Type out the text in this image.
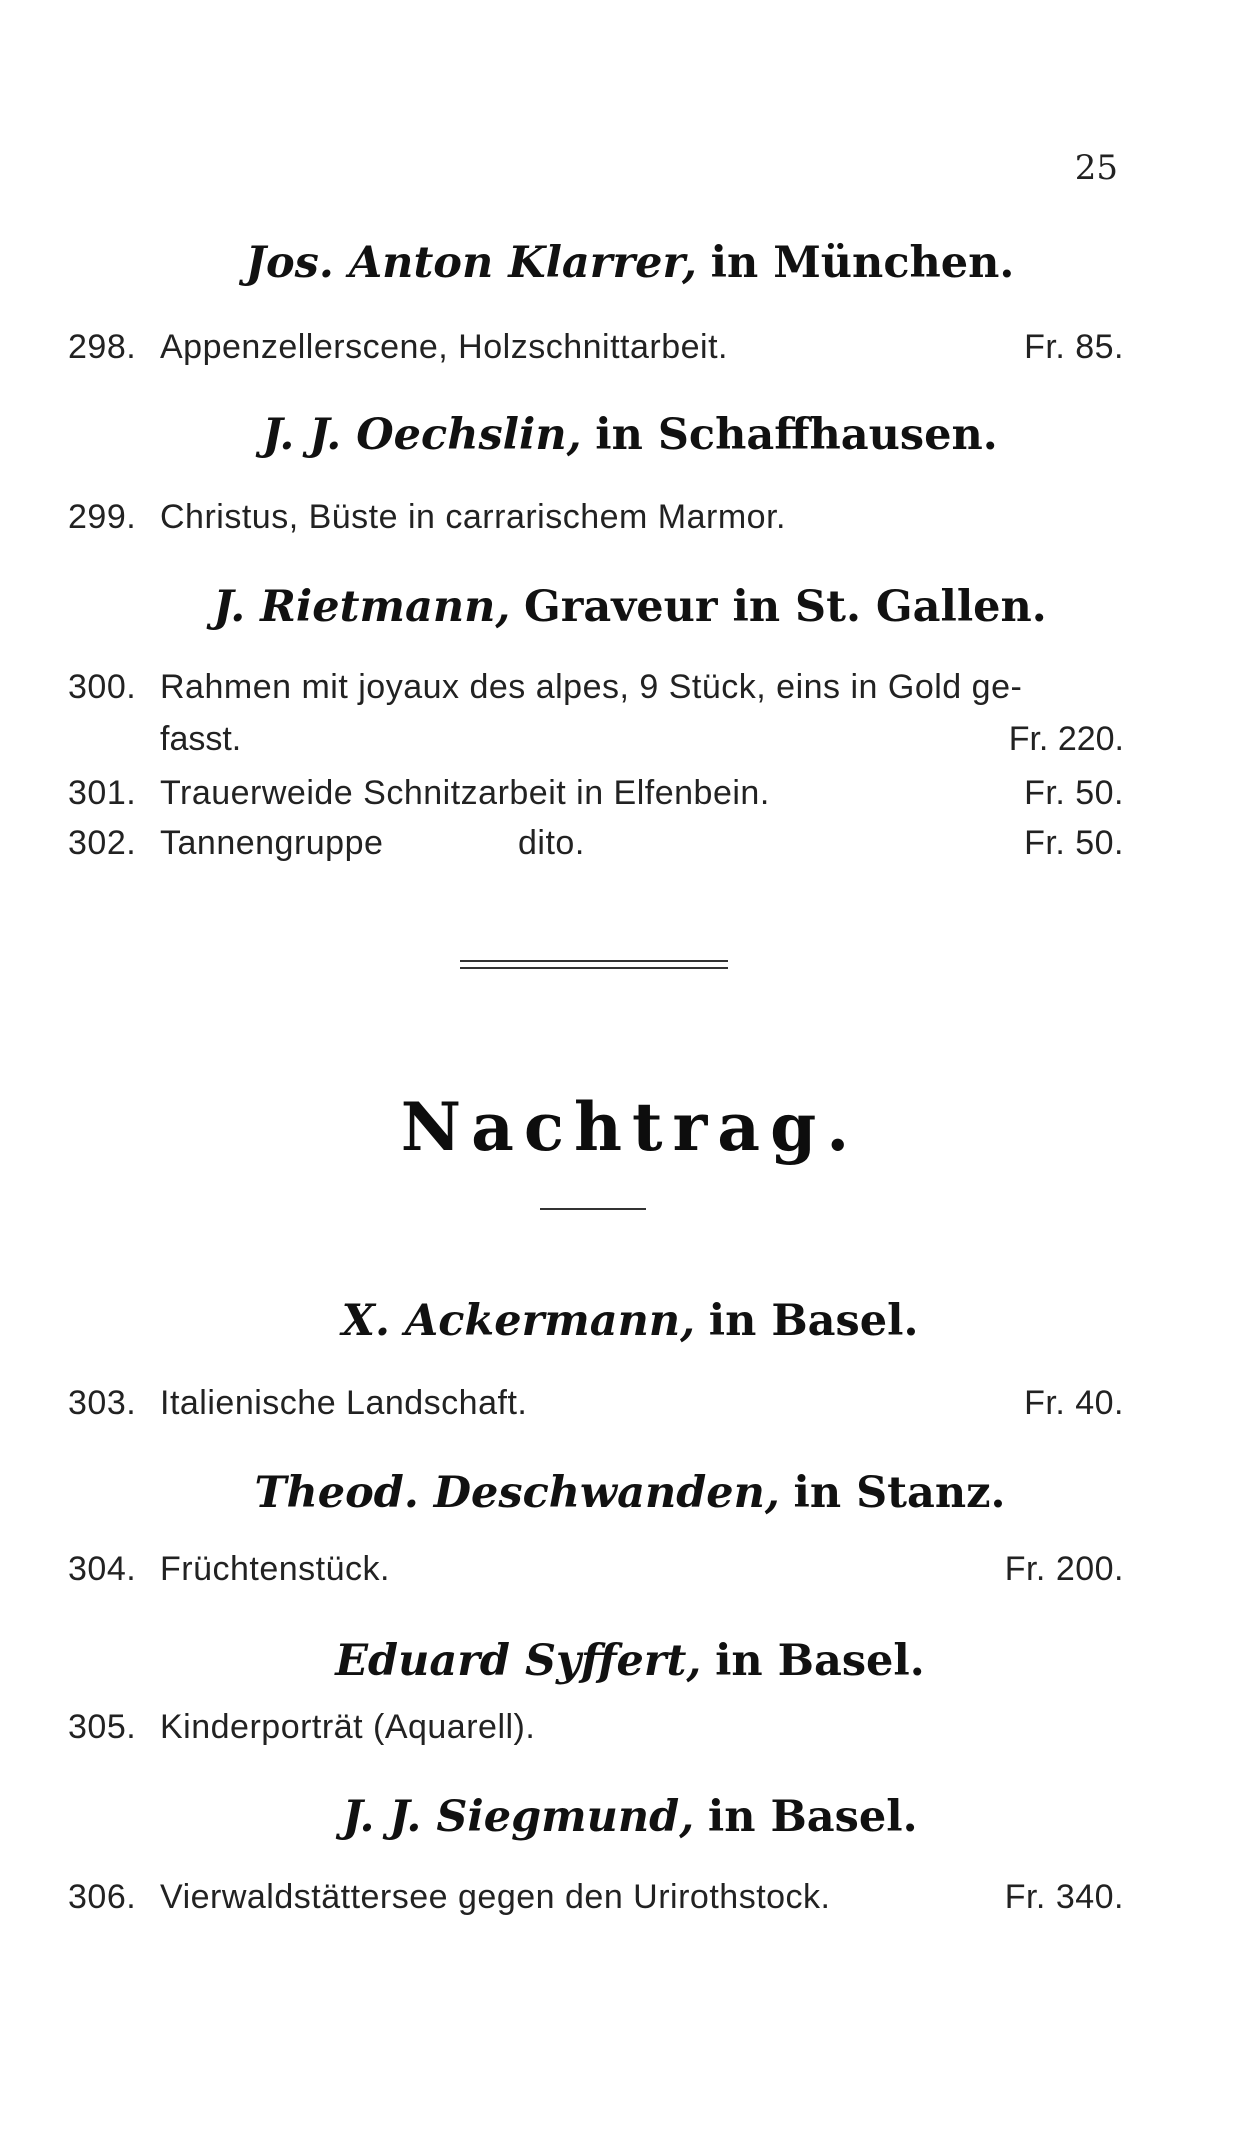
25
Jos. Anton Klarrer, in München.
298. Appenzellerscene, Holzschnittarbeit.	Fr. 85.
J. J. Oechslin, in Schaffhausen.
299. Christus, Büste in carrarischem Marmor.
J. Rietmann, Graveur in St. Gallen.
300. Rahmen mit joyaux des alpes, 9 Stück, eins in Gold ge-
fasst.	Fr. 220.
301. Trauerweide Schnitzarbeit in Elfenbein.	Fr. 50.
302. Tannengruppe	dito.	Fr. 50.
Nachtrag.
X. Ackermann, in Basel.
303. Italienische Landschaft.	Fr. 40.
Theod. Deschwanden, in Stanz.
304. Früchtenstück.	Fr. 200.
Eduard Syffert, in Basel.
305. Kinderporträt (Aquarell).
J. J. Siegmund, in Basel.
306. Vierwaldstättersee gegen den Urirothstock.	Fr. 340.
